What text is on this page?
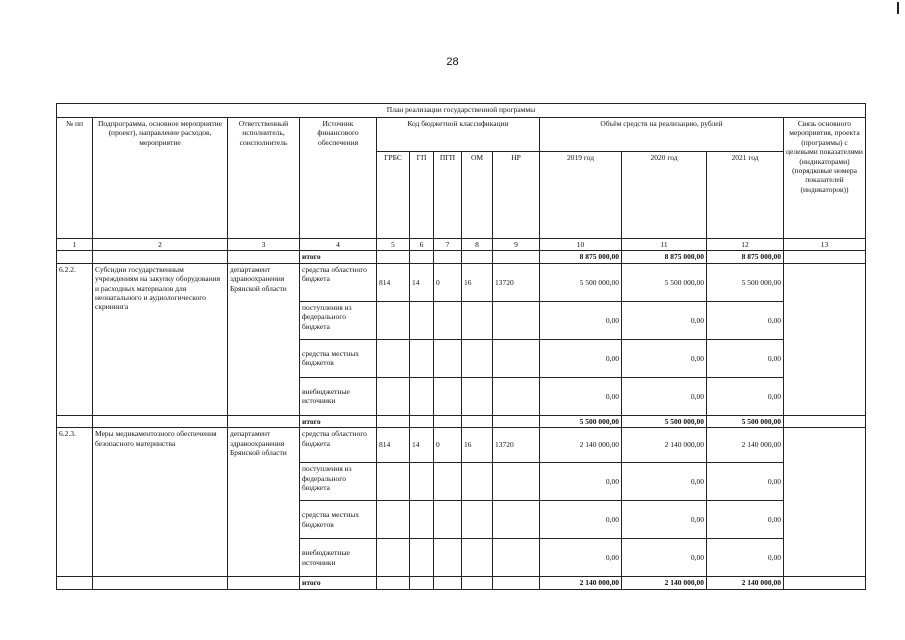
28
План реализации государственной программы												
№ пп	Подпрограмма, основное мероприятие (проект), направление расходов, мероприятие	Ответственный исполнитель, соисполнитель	Источник финансового обеспечения	Код бюджетной классификации					Объём средств на реализацию, рублей			Связь основного мероприятия, проекта (программы) с целевыми показателями (индикаторами) (порядковые номера показателей (индикаторов))
				ГРБС	ГП	ПГП	ОМ	НР	2019 год	2020 год	2021 год	
1	2	3	4	5	6	7	8	9	10	11	12	13
			итого						8 875 000,00	8 875 000,00	8 875 000,00	
6.2.2.	Субсидии государственным учреждениям на закупку оборудования и расходных материалов для неонатального и аудиологического скрининга	департамент здравоохранения Брянской области	средства областного бюджета	814	14	0	16	13720	5 500 000,00	5 500 000,00	5 500 000,00	
			поступления из федерального бюджета						0,00	0,00	0,00	
			средства местных бюджетов						0,00	0,00	0,00	
			внебюджетные источники						0,00	0,00	0,00	
			итого						5 500 000,00	5 500 000,00	5 500 000,00	
6.2.3.	Меры медикаментозного обеспечения безопасного материнства	департамент здравоохранения Брянской области	средства областного бюджета	814	14	0	16	13720	2 140 000,00	2 140 000,00	2 140 000,00	
			поступления из федерального бюджета						0,00	0,00	0,00	
			средства местных бюджетов						0,00	0,00	0,00	
			внебюджетные источники						0,00	0,00	0,00	
			итого						2 140 000,00	2 140 000,00	2 140 000,00	
